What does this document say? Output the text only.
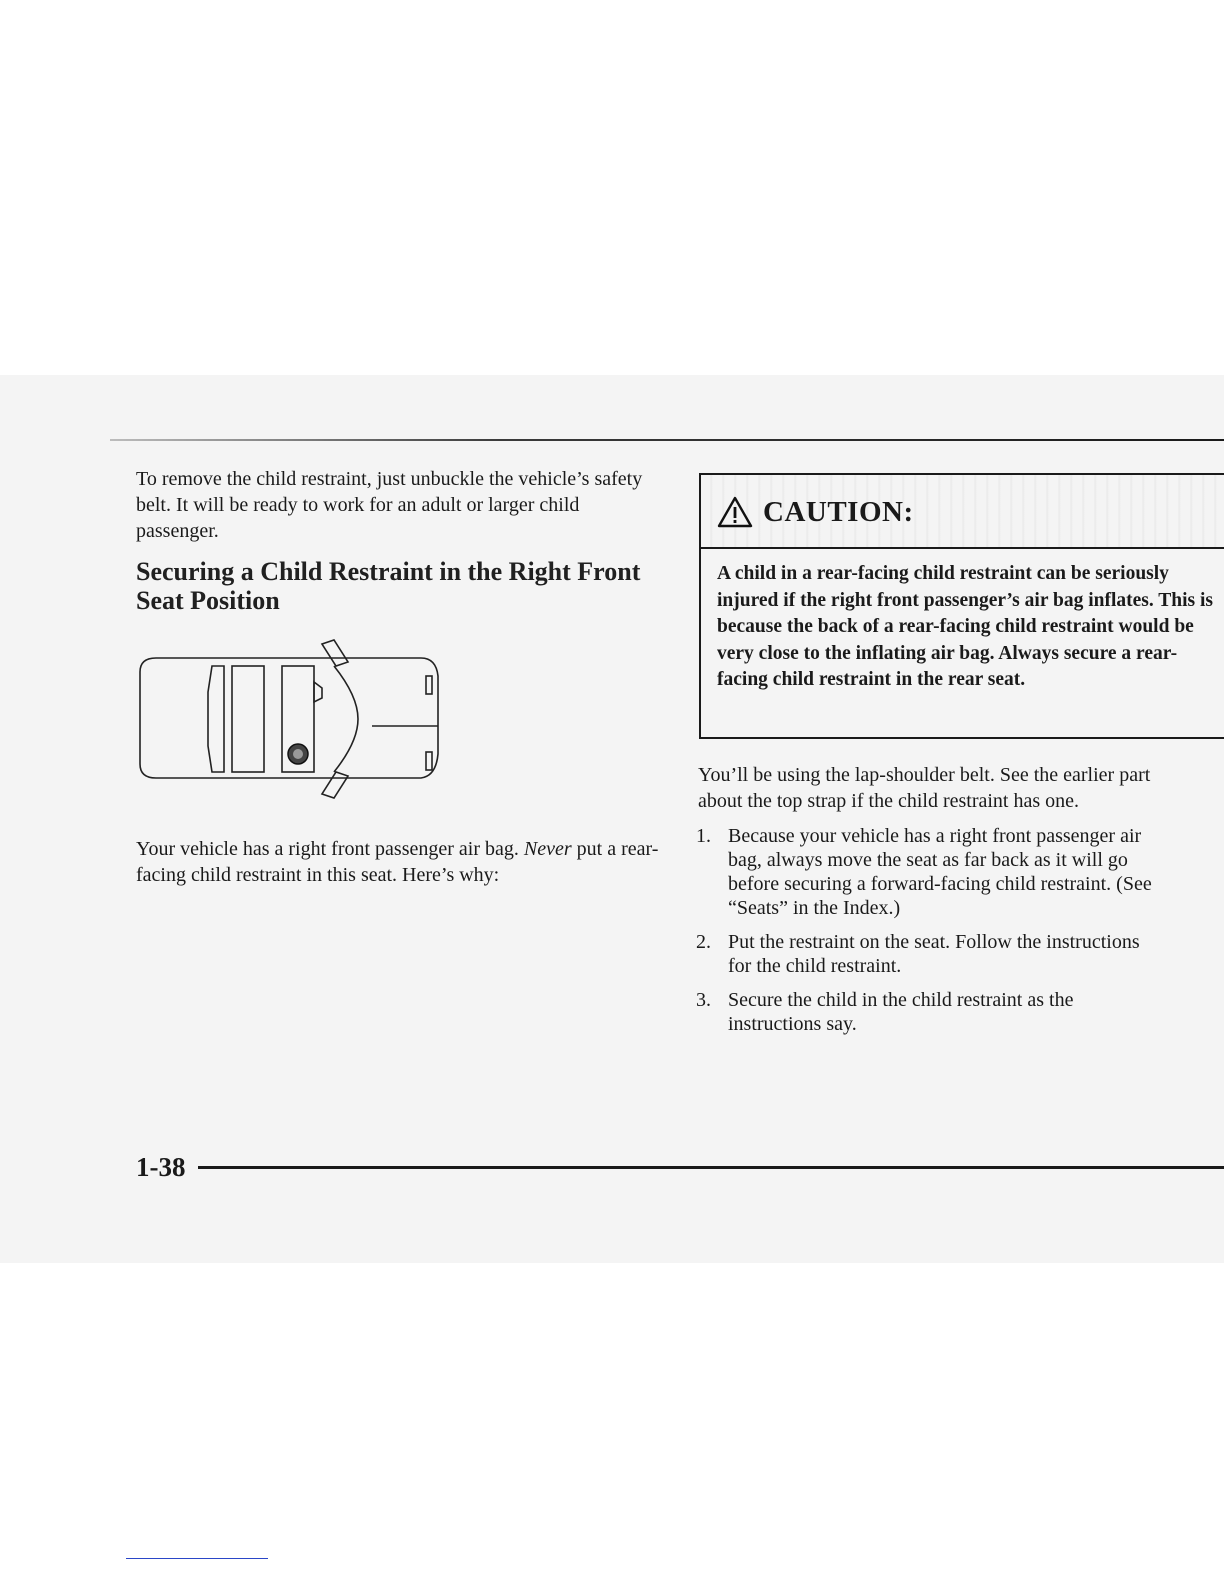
To remove the child restraint, just unbuckle the vehicle’s safety belt. It will be ready to work for an adult or larger child passenger.

Securing a Child Restraint in the Right Front Seat Position

Your vehicle has a right front passenger air bag. Never put a rear-facing child restraint in this seat. Here’s why:

CAUTION:

A child in a rear-facing child restraint can be seriously injured if the right front passenger’s air bag inflates. This is because the back of a rear-facing child restraint would be very close to the inflating air bag. Always secure a rear-facing child restraint in the rear seat.

You’ll be using the lap-shoulder belt. See the earlier part
about the top strap if the child restraint has one.
1. Because your vehicle has a right front passenger air
bag, always move the seat as far back as it will go
before securing a forward-facing child restraint. (See
“Seats” in the Index.)
2. Put the restraint on the seat. Follow the instructions
for the child restraint.
3. Secure the child in the child restraint as the
instructions say.

1-38
